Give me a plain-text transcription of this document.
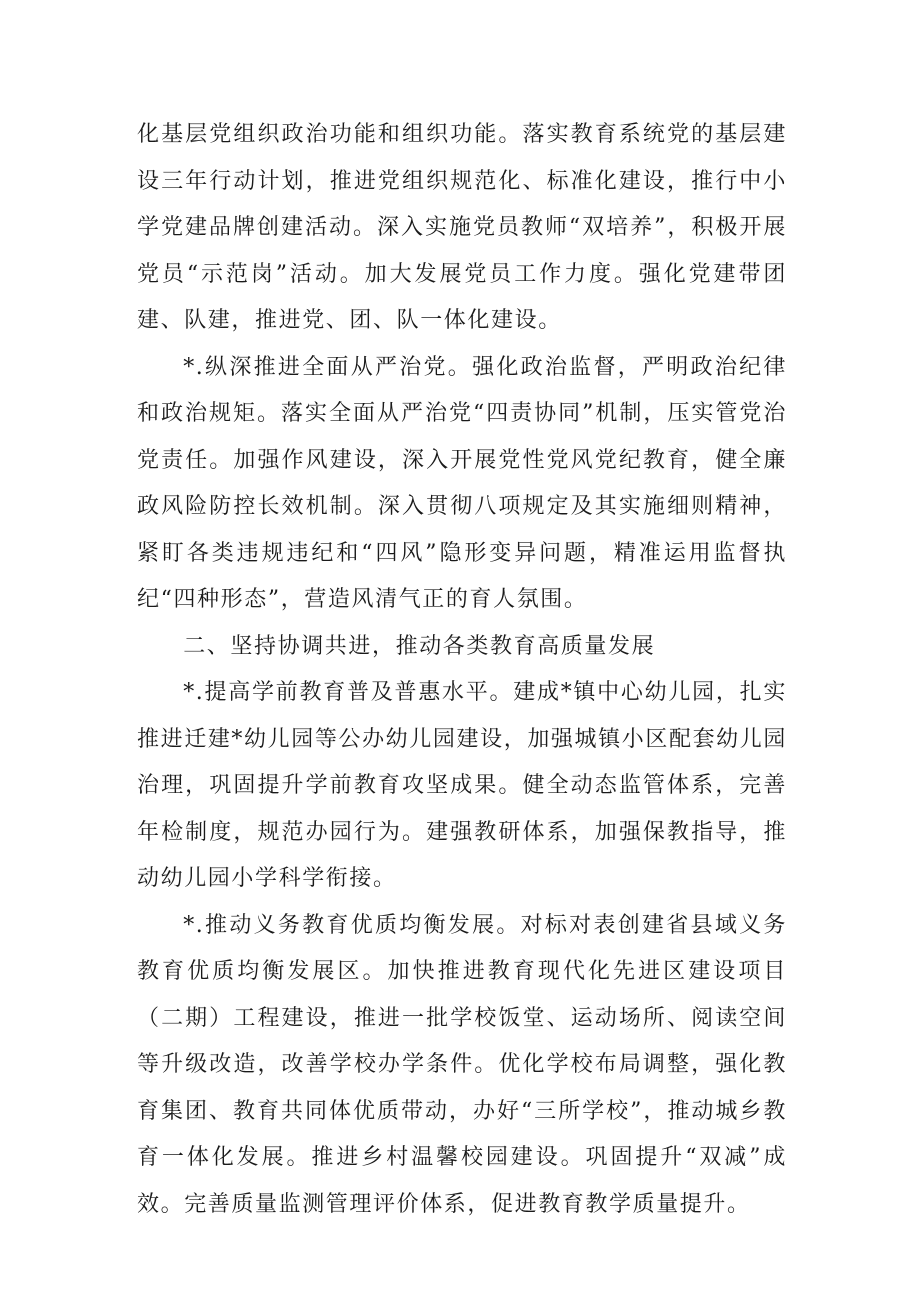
化基层党组织政治功能和组织功能。落实教育系统党的基层建设三年行动计划，推进党组织规范化、标准化建设，推行中小学党建品牌创建活动。深入实施党员教师“双培养”，积极开展党员“示范岗”活动。加大发展党员工作力度。强化党建带团建、队建，推进党、团、队一体化建设。

*.纵深推进全面从严治党。强化政治监督，严明政治纪律和政治规矩。落实全面从严治党“四责协同”机制，压实管党治党责任。加强作风建设，深入开展党性党风党纪教育，健全廉政风险防控长效机制。深入贯彻八项规定及其实施细则精神，紧盯各类违规违纪和“四风”隐形变异问题，精准运用监督执纪“四种形态”，营造风清气正的育人氛围。

二、坚持协调共进，推动各类教育高质量发展

*.提高学前教育普及普惠水平。建成*镇中心幼儿园，扎实推进迁建*幼儿园等公办幼儿园建设，加强城镇小区配套幼儿园治理，巩固提升学前教育攻坚成果。健全动态监管体系，完善年检制度，规范办园行为。建强教研体系，加强保教指导，推动幼儿园小学科学衔接。

*.推动义务教育优质均衡发展。对标对表创建省县域义务教育优质均衡发展区。加快推进教育现代化先进区建设项目（二期）工程建设，推进一批学校饭堂、运动场所、阅读空间等升级改造，改善学校办学条件。优化学校布局调整，强化教育集团、教育共同体优质带动，办好“三所学校”，推动城乡教育一体化发展。推进乡村温馨校园建设。巩固提升“双减”成效。完善质量监测管理评价体系，促进教育教学质量提升。
